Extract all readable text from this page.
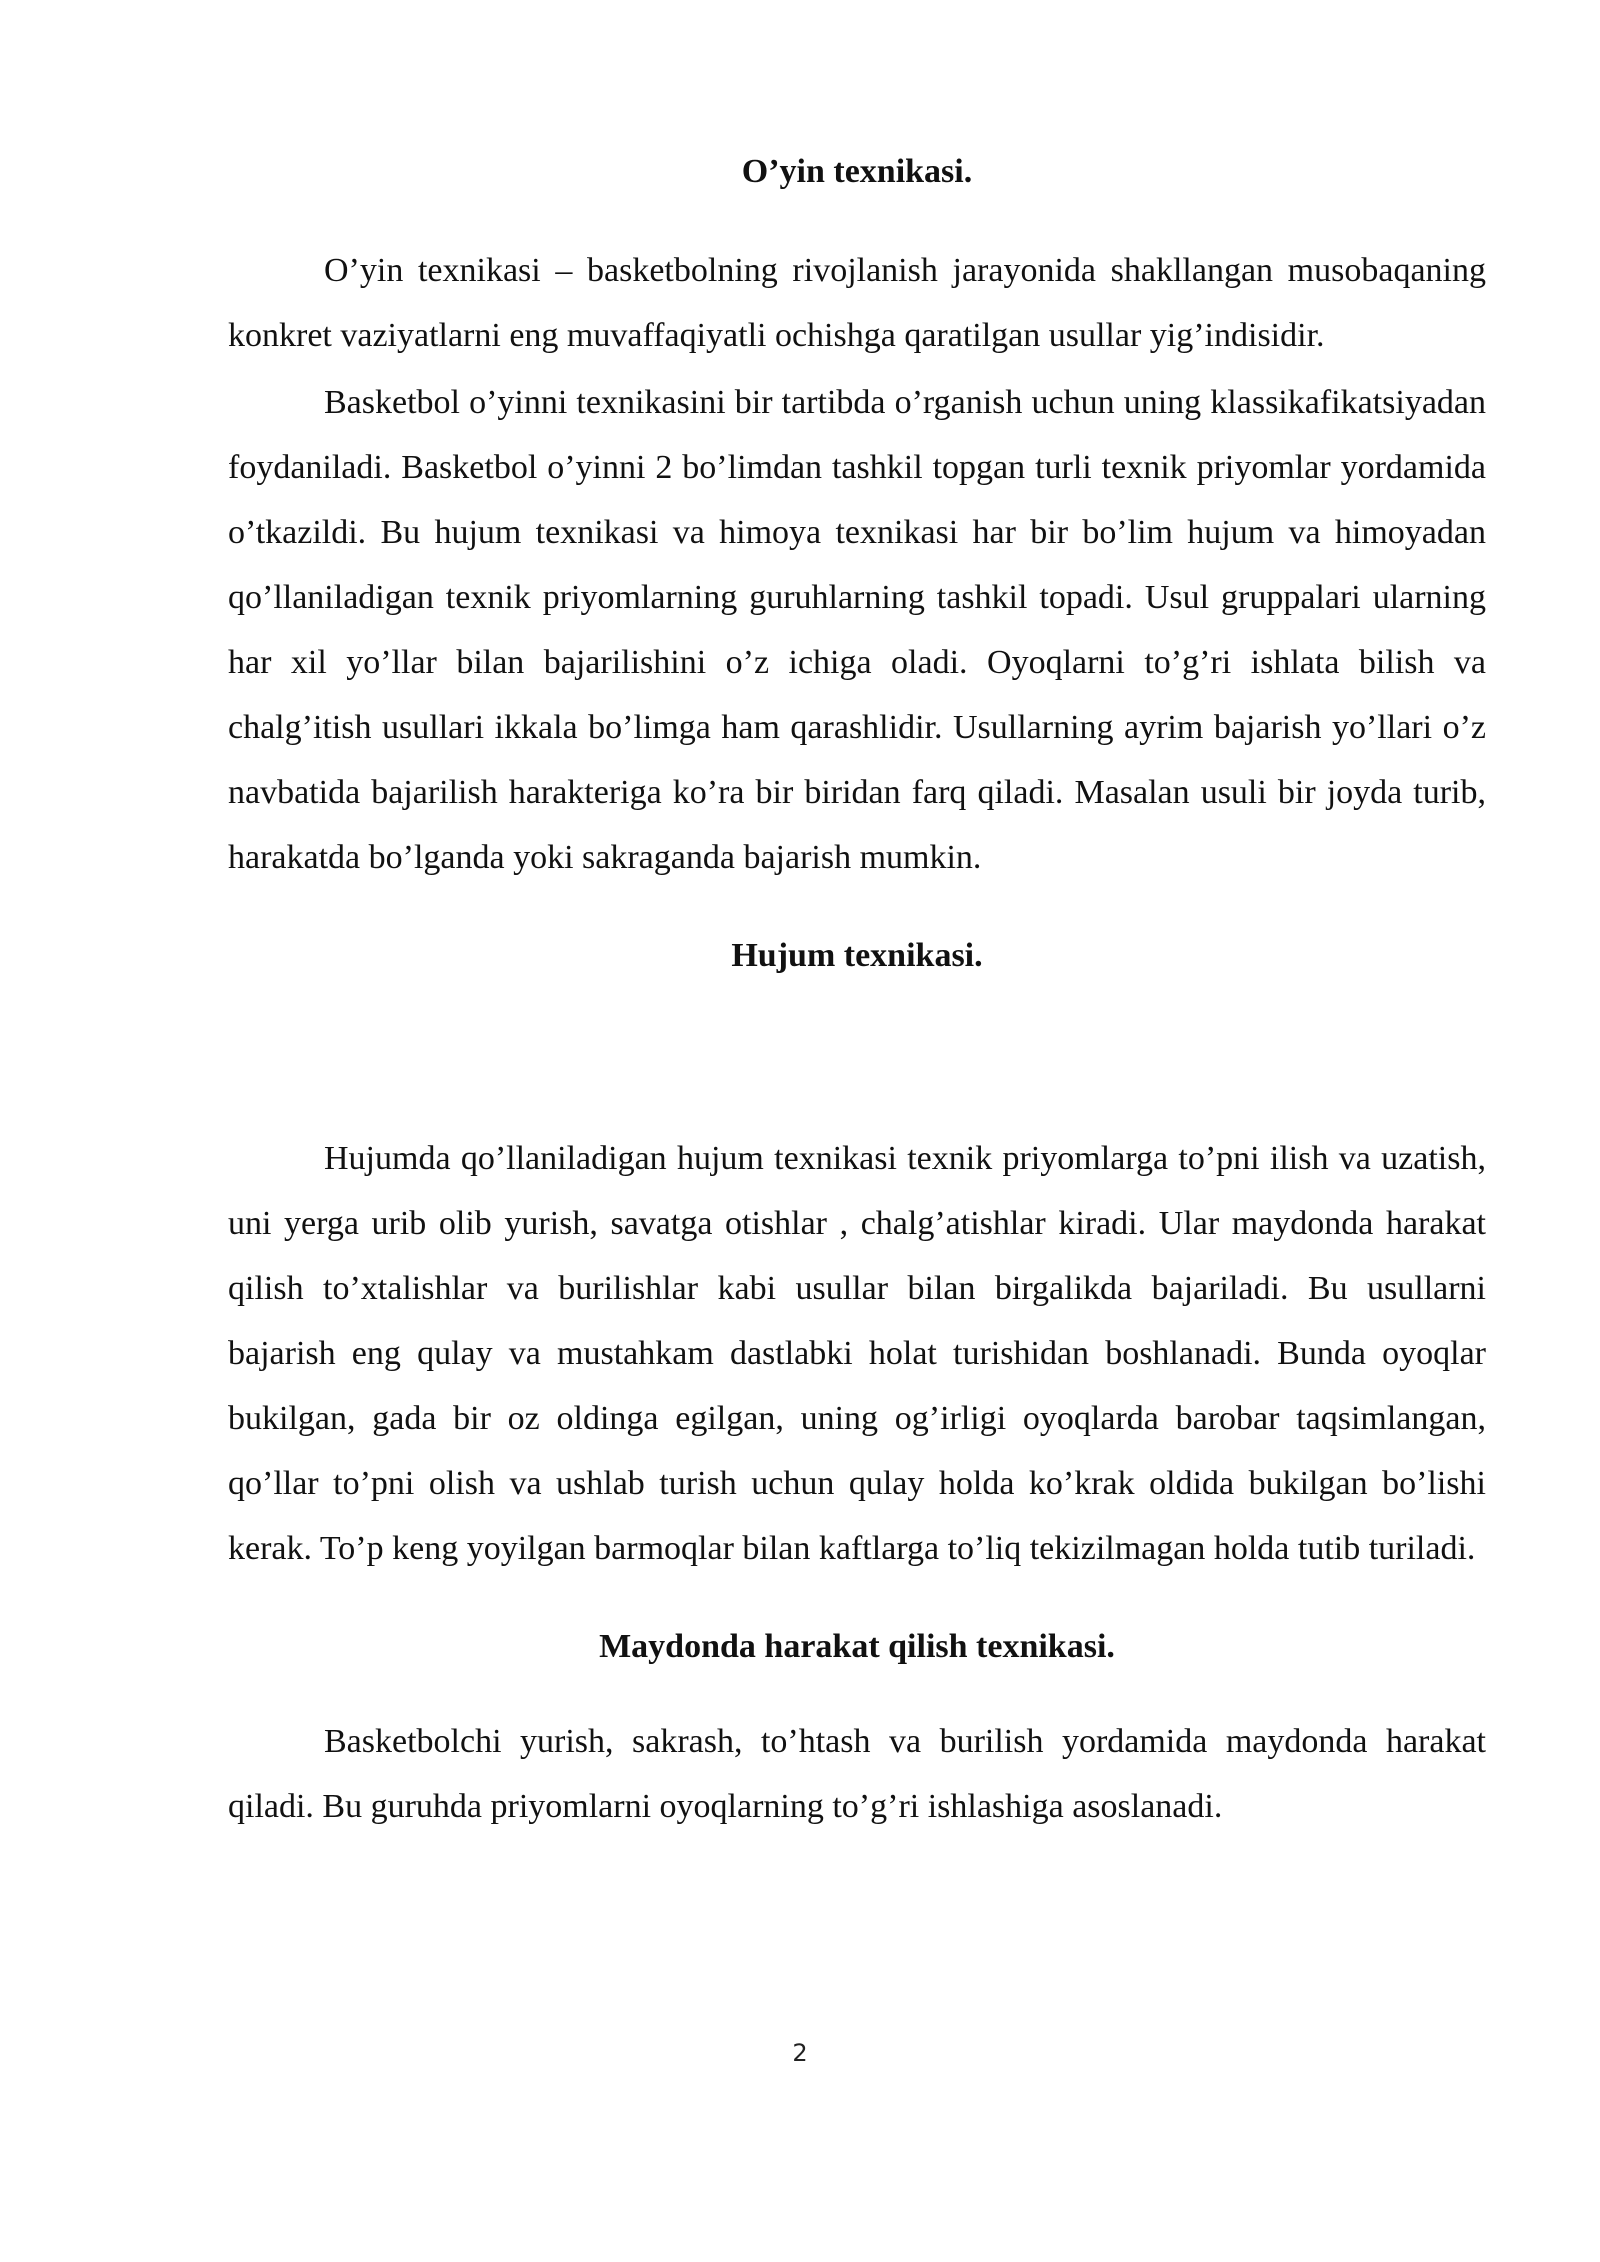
O’yin texnikasi.

O’yin texnikasi – basketbolning rivojlanish jarayonida shakllangan musobaqaning konkret vaziyatlarni eng muvaffaqiyatli ochishga qaratilgan usullar yig’indisidir.

Basketbol o’yinni texnikasini bir tartibda o’rganish uchun uning klassikafikatsiyadan foydaniladi. Basketbol o’yinni 2 bo’limdan tashkil topgan turli texnik priyomlar yordamida o’tkazildi. Bu hujum texnikasi va himoya texnikasi har bir bo’lim hujum va himoyadan qo’llaniladigan texnik priyomlarning guruhlarning tashkil topadi. Usul gruppalari ularning har xil yo’llar bilan bajarilishini o’z ichiga oladi. Oyoqlarni to’g’ri ishlata bilish va chalg’itish usullari ikkala bo’limga ham qarashlidir. Usullarning ayrim bajarish yo’llari o’z navbatida bajarilish harakteriga ko’ra bir biridan farq qiladi. Masalan usuli bir joyda turib, harakatda bo’lganda yoki sakraganda bajarish mumkin.

Hujum texnikasi.

Hujumda qo’llaniladigan hujum texnikasi texnik priyomlarga to’pni ilish va uzatish, uni yerga urib olib yurish, savatga otishlar , chalg’atishlar kiradi. Ular maydonda harakat qilish to’xtalishlar va burilishlar kabi usullar bilan birgalikda bajariladi. Bu usullarni bajarish eng qulay va mustahkam dastlabki holat turishidan boshlanadi. Bunda oyoqlar bukilgan, gada bir oz oldinga egilgan, uning og’irligi oyoqlarda barobar taqsimlangan, qo’llar to’pni olish va ushlab turish uchun qulay holda ko’krak oldida bukilgan bo’lishi kerak. To’p keng yoyilgan barmoqlar bilan kaftlarga to’liq tekizilmagan holda tutib turiladi.

Maydonda harakat qilish texnikasi.

Basketbolchi yurish, sakrash, to’htash va burilish yordamida maydonda harakat qiladi. Bu guruhda priyomlarni oyoqlarning to’g’ri ishlashiga asoslanadi.

2
